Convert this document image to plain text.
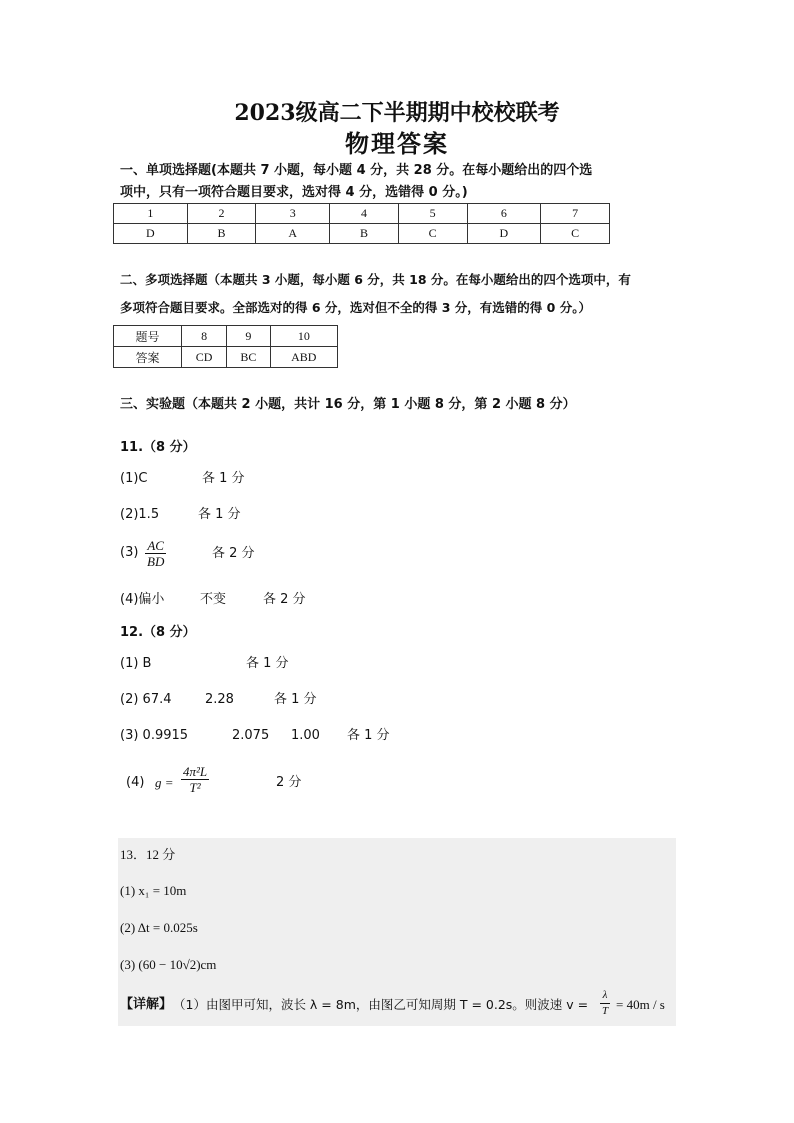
2023级高二下半期期中校校联考
物理答案
一、单项选择题(本题共 7 小题，每小题 4 分，共 28 分。在每小题给出的四个选
项中，只有一项符合题目要求，选对得 4 分，选错得 0 分。)
1	2	3	4	5	6	7
D	B	A	B	C	D	C
二、多项选择题（本题共 3 小题，每小题 6 分，共 18 分。在每小题给出的四个选项中，有
多项符合题目要求。全部选对的得 6 分，选对但不全的得 3 分，有选错的得 0 分。）
题号	8	9	10
答案	CD	BC	ABD
三、实验题（本题共 2 小题，共计 16 分，第 1 小题 8 分，第 2 小题 8 分）
11.（8 分）
(1)C	各 1 分
(2)1.5	各 1 分
$(3) \frac{AC}{BD}$	各 2 分
(4)偏小	不变	各 2 分
12.（8 分）
(1) B	各 1 分
(2) 67.4	2.28	各 1 分
(3) 0.9915	2.075 1.00 各 1 分
(4) $g = \frac{\text{4π²L}}{\text{T²}}$	2 分
13．12 分
(1) x₁ = 10m
(2) Δt = 0.025s
(3) (60 − 10√2)cm
【详解】 （1）由图甲可知，波长 λ = 8m，由图乙可知周期 T = 0.2s。则波速 $v = \frac{\lambda}{T} = 40m / s$
